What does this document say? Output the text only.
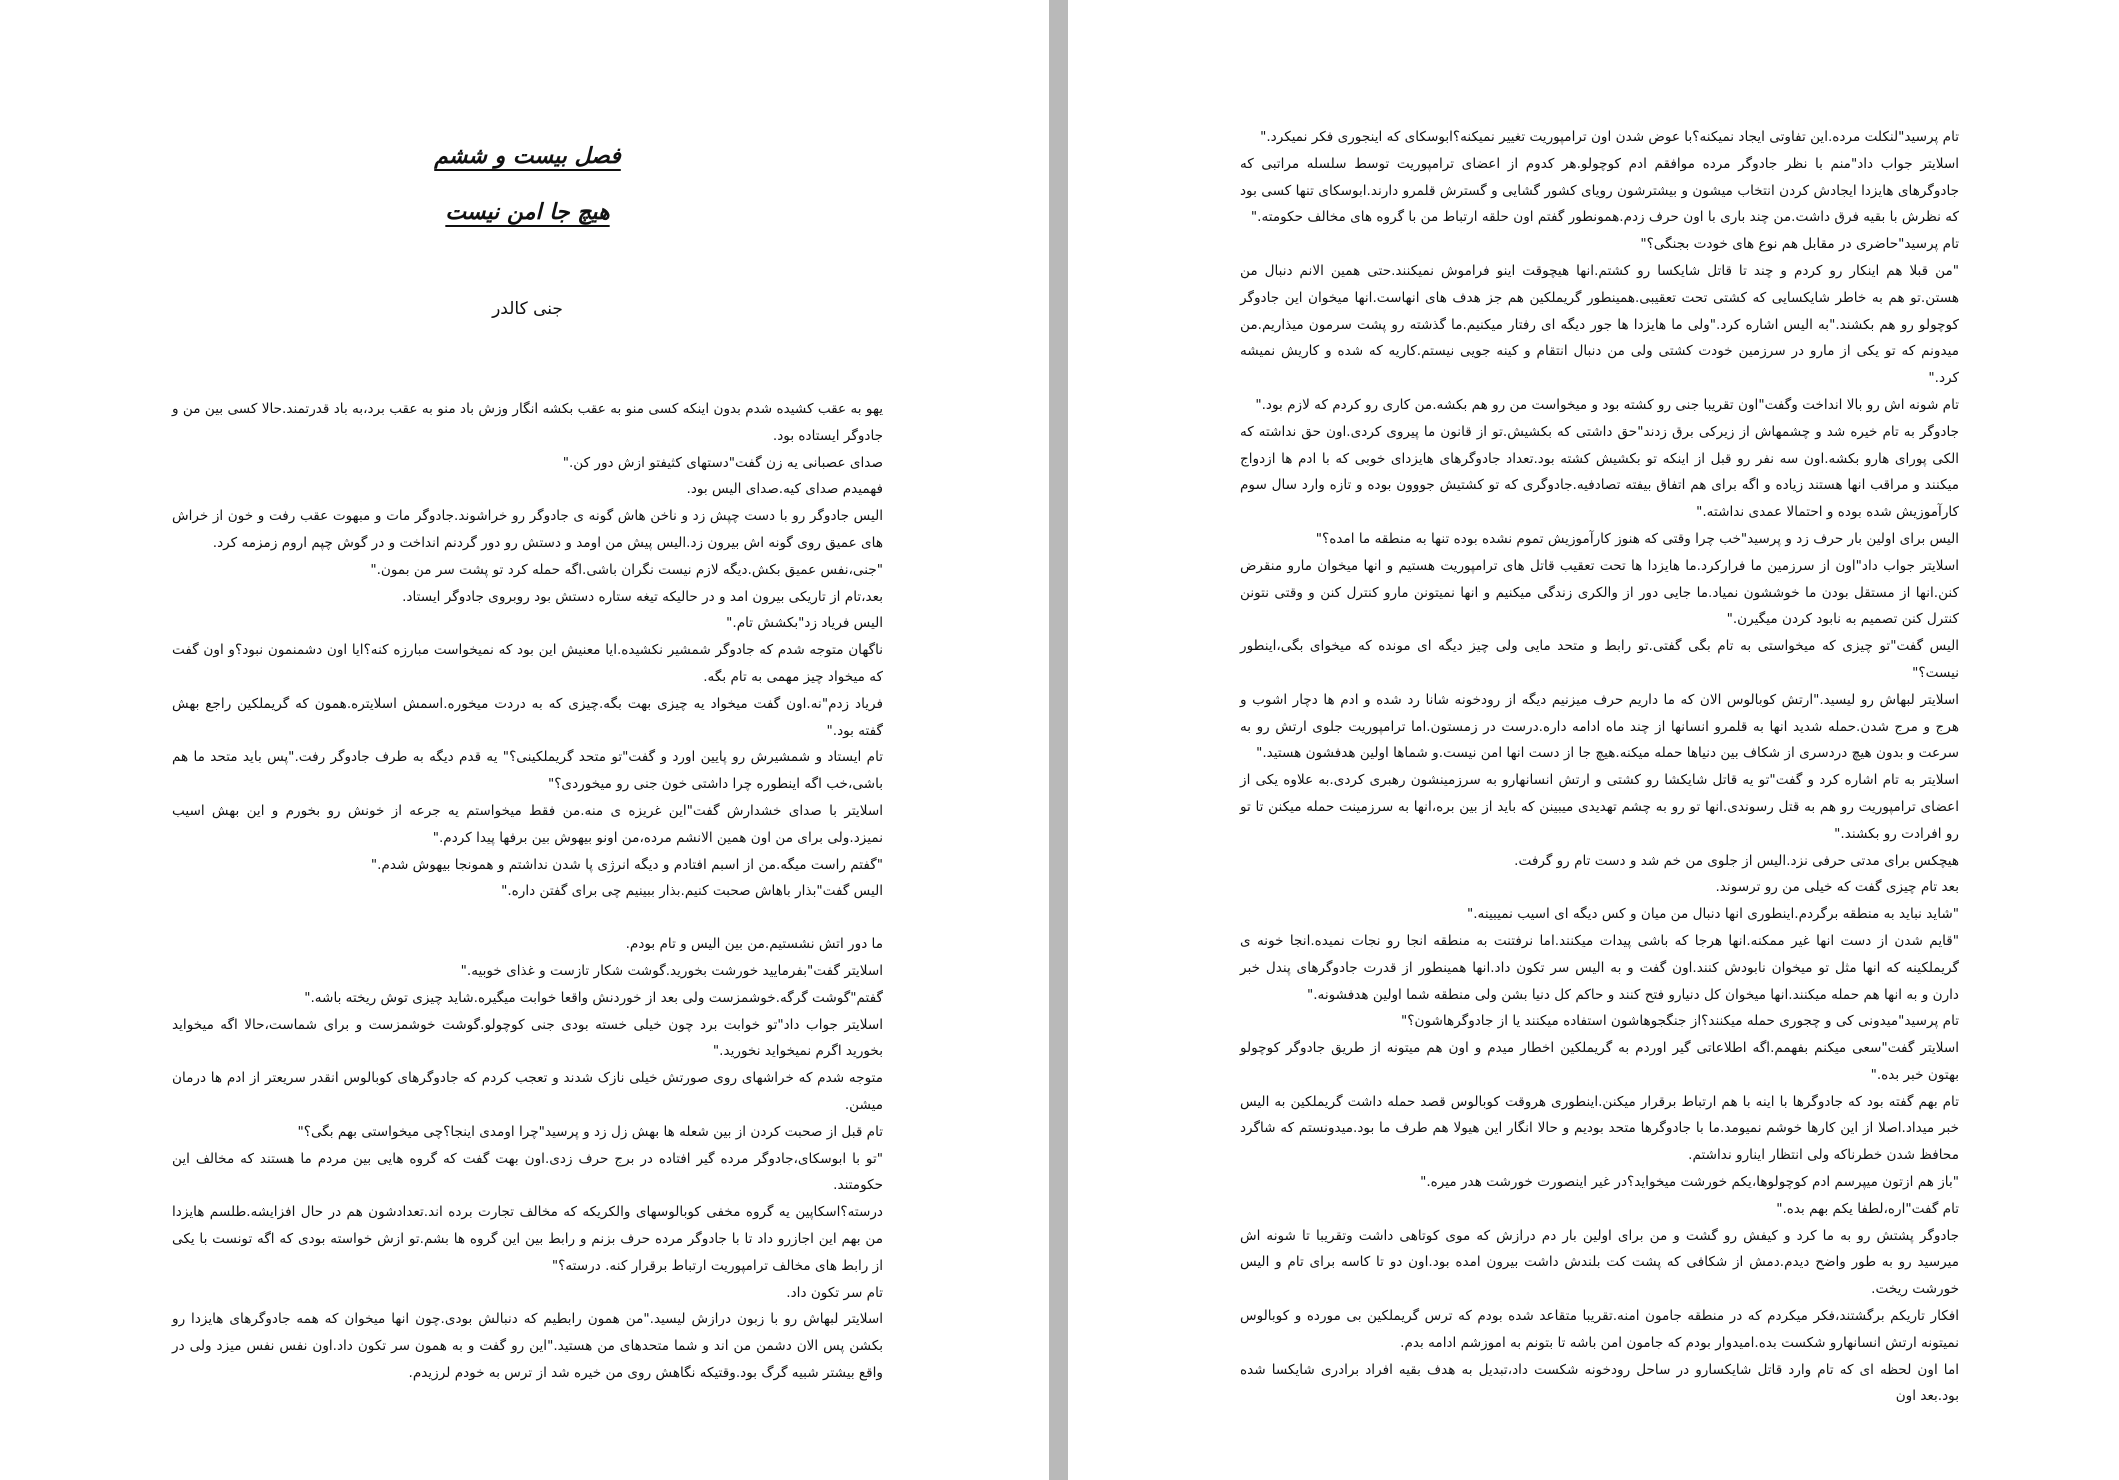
فصل بیست و ششم
هیچ جا امن نیست
جنی کالدر

یهو به عقب کشیده شدم بدون اینکه کسی منو به عقب بکشه انگار وزش باد منو به عقب برد،به باد قدرتمند.حالا کسی بین من و جادوگر ایستاده بود.

صدای عصبانی یه زن گفت"دستهای کثیفتو ازش دور کن."

فهمیدم صدای کیه.صدای الیس بود.

الیس جادوگر رو با دست چپش زد و ناخن هاش گونه ی جادوگر رو خراشوند.جادوگر مات و مبهوت عقب رفت و خون از خراش های عمیق روی گونه اش بیرون زد.الیس پیش من اومد و دستش رو دور گردنم انداخت و در گوش چپم اروم زمزمه کرد.

"جنی،نفس عمیق بکش.دیگه لازم نیست نگران باشی.اگه حمله کرد تو پشت سر من بمون."

بعد،تام از تاریکی بیرون امد و در حالیکه تیغه ستاره دستش بود روبروی جادوگر ایستاد.

الیس فریاد زد"بکشش تام."

ناگهان متوجه شدم که جادوگر شمشیر نکشیده.ایا معنیش این بود که نمیخواست مبارزه کنه؟ایا اون دشمنمون نبود؟و اون گفت که میخواد چیز مهمی به تام بگه.

فریاد زدم"نه.اون گفت میخواد یه چیزی بهت بگه.چیزی که به دردت میخوره.اسمش اسلایتره.همون که گریملکین راجع بهش گفته بود."

تام ایستاد و شمشیرش رو پایین اورد و گفت"تو متحد گریملکینی؟" یه قدم دیگه به طرف جادوگر رفت."پس باید متحد ما هم باشی،خب اگه اینطوره چرا داشتی خون جنی رو میخوردی؟"

اسلایتر با صدای خشدارش گفت"این غریزه ی منه.من فقط میخواستم یه جرعه از خونش رو بخورم و این بهش اسیب نمیزد.ولی برای من اون همین الانشم مرده،من اونو بیهوش بین برفها پیدا کردم."

"گفتم راست میگه.من از اسبم افتادم و دیگه انرژی پا شدن نداشتم و همونجا بیهوش شدم."

الیس گفت"بذار باهاش صحبت کنیم.بذار ببینیم چی برای گفتن داره."

ما دور اتش نشستیم.من بین الیس و تام بودم.

اسلایتر گفت"بفرمایید خورشت بخورید.گوشت شکار تازست و غذای خوبیه."

گفتم"گوشت گرگه.خوشمزست ولی بعد از خوردنش واقعا خوابت میگیره.شاید چیزی توش ریخته باشه."

اسلایتر جواب داد"تو خوابت برد چون خیلی خسته بودی جنی کوچولو.گوشت خوشمزست و برای شماست،حالا اگه میخواید بخورید اگرم نمیخواید نخورید."

متوجه شدم که خراشهای روی صورتش خیلی نازک شدند و تعجب کردم که جادوگرهای کوبالوس انقدر سریعتر از ادم ها درمان میشن.

تام قبل از صحبت کردن از بین شعله ها بهش زل زد و پرسید"چرا اومدی اینجا؟چی میخواستی بهم بگی؟"

"تو با ابوسکای،جادوگر مرده گیر افتاده در برج حرف زدی.اون بهت گفت که گروه هایی بین مردم ما هستند که مخالف این حکومتند.

درسته؟اسکاپین یه گروه مخفی کوبالوسهای والکریکه که مخالف تجارت برده اند.تعدادشون هم در حال افزایشه.طلسم هایزدا من بهم این اجازرو داد تا با جادوگر مرده حرف بزنم و رابط بین این گروه ها بشم.تو ازش خواسته بودی که اگه تونست با یکی از رابط های مخالف ترامپوریت ارتباط برقرار کنه. درسته؟"

تام سر تکون داد.

اسلایتر لبهاش رو با زبون درازش لیسید."من همون رابطیم که دنبالش بودی.چون انها میخوان که همه جادوگرهای هایزدا رو بکشن پس الان دشمن من اند و شما متحدهای من هستید."این رو گفت و به همون سر تکون داد.اون نفس نفس میزد ولی در واقع بیشتر شبیه گرگ بود.وقتیکه نگاهش روی من خیره شد از ترس به خودم لرزیدم.

تام پرسید"لنکلت مرده.این تفاوتی ایجاد نمیکنه؟با عوض شدن اون ترامپوریت تغییر نمیکنه؟ابوسکای که اینجوری فکر نمیکرد."

اسلایتر جواب داد"منم با نظر جادوگر مرده موافقم ادم کوچولو.هر کدوم از اعضای ترامپوریت توسط سلسله مراتبی که جادوگرهای هایزدا ایجادش کردن انتخاب میشون و بیشترشون رویای کشور گشایی و گسترش قلمرو دارند.ابوسکای تنها کسی بود که نظرش با بقیه فرق داشت.من چند باری با اون حرف زدم.همونطور گفتم اون حلقه ارتباط من با گروه های مخالف حکومته."

تام پرسید"حاضری در مقابل هم نوع های خودت بجنگی؟"

"من قبلا هم اینکار رو کردم و چند تا قاتل شایکسا رو کشتم.انها هیچوقت اینو فراموش نمیکنند.حتی همین الانم دنبال من هستن.تو هم به خاطر شایکسایی که کشتی تحت تعقیبی.همینطور گریملکین هم جز هدف های انهاست.انها میخوان این جادوگر کوچولو رو هم بکشند."به الیس اشاره کرد."ولی ما هایزدا ها جور دیگه ای رفتار میکنیم.ما گذشته رو پشت سرمون میذاریم.من میدونم که تو یکی از مارو در سرزمین خودت کشتی ولی من دنبال انتقام و کینه جویی نیستم.کاریه که شده و کاریش نمیشه کرد."

تام شونه اش رو بالا انداخت وگفت"اون تقریبا جنی رو کشته بود و میخواست من رو هم بکشه.من کاری رو کردم که لازم بود."

جادوگر به تام خیره شد و چشمهاش از زیرکی برق زدند"حق داشتی که بکشیش.تو از قانون ما پیروی کردی.اون حق نداشته که الکی پورای هارو بکشه.اون سه نفر رو قبل از اینکه تو بکشیش کشته بود.تعداد جادوگرهای هایزدای خوبی که با ادم ها ازدواج میکنند و مراقب انها هستند زیاده و اگه برای هم اتفاق بیفته تصادفیه.جادوگری که تو کشتیش جووون بوده و تازه وارد سال سوم کارآموزیش شده بوده و احتمالا عمدی نداشته."

الیس برای اولین بار حرف زد و پرسید"خب چرا وقتی که هنوز کارآموزیش تموم نشده بوده تنها به منطقه ما امده؟"

اسلایتر جواب داد"اون از سرزمین ما فرارکرد.ما هایزدا ها تحت تعقیب قاتل های ترامپوریت هستیم و انها میخوان مارو منقرض کنن.انها از مستقل بودن ما خوششون نمیاد.ما جایی دور از والکری زندگی میکنیم و انها نمیتونن مارو کنترل کنن و وقتی نتونن کنترل کنن تصمیم به نابود کردن میگیرن."

الیس گفت"تو چیزی که میخواستی به تام بگی گفتی.تو رابط و متحد مایی ولی چیز دیگه ای مونده که میخوای بگی،اینطور نیست؟"

اسلایتر لبهاش رو لیسید."ارتش کوبالوس الان که ما داریم حرف میزنیم دیگه از رودخونه شانا رد شده و ادم ها دچار اشوب و هرج و مرج شدن.حمله شدید انها به قلمرو انسانها از چند ماه ادامه داره.درست در زمستون.اما ترامپوریت جلوی ارتش رو به سرعت و بدون هیچ دردسری از شکاف بین دنیاها حمله میکنه.هیچ جا از دست انها امن نیست.و شماها اولین هدفشون هستید."

اسلایتر به تام اشاره کرد و گفت"تو یه قاتل شایکشا رو کشتی و ارتش انسانهارو به سرزمینشون رهبری کردی.به علاوه یکی از اعضای ترامپوریت رو هم به قتل رسوندی.انها تو رو به چشم تهدیدی میبینن که باید از بین بره،انها به سرزمینت حمله میکنن تا تو رو افرادت رو بکشند."

هیچکس برای مدتی حرفی نزد.الیس از جلوی من خم شد و دست تام رو گرفت.

بعد تام چیزی گفت که خیلی من رو ترسوند.

"شاید نباید به منطقه برگردم.اینطوری انها دنبال من میان و کس دیگه ای اسیب نمیبینه."

"قایم شدن از دست انها غیر ممکنه.انها هرجا که باشی پیدات میکنند.اما نرفتنت به منطقه انجا رو نجات نمیده.انجا خونه ی گریملکینه که انها مثل تو میخوان نابودش کنند.اون گفت و به الیس سر تکون داد.انها همینطور از قدرت جادوگرهای پندل خبر دارن و به انها هم حمله میکنند.انها میخوان کل دنیارو فتح کنند و حاکم کل دنیا بشن ولی منطقه شما اولین هدفشونه."

تام پرسید"میدونی کی و چجوری حمله میکنند؟از جنگجوهاشون استفاده میکنند یا از جادوگرهاشون؟"

اسلایتر گفت"سعی میکنم بفهمم.اگه اطلاعاتی گیر اوردم به گریملکین اخطار میدم و اون هم میتونه از طریق جادوگر کوچولو بهتون خبر بده."

تام بهم گفته بود که جادوگرها با اینه با هم ارتباط برقرار میکنن.اینطوری هروقت کوبالوس قصد حمله داشت گریملکین به الیس خبر میداد.اصلا از این کارها خوشم نمیومد.ما با جادوگرها متحد بودیم و حالا انگار این هیولا هم طرف ما بود.میدونستم که شاگرد محافظ شدن خطرناکه ولی انتظار اینارو نداشتم.

"باز هم ازتون میپرسم ادم کوچولوها،یکم خورشت میخواید؟در غیر اینصورت خورشت هدر میره."

تام گفت"اره،لطفا یکم بهم بده."

جادوگر پشتش رو به ما کرد و کیفش رو گشت و من برای اولین بار دم درازش که موی کوتاهی داشت وتقریبا تا شونه اش میرسید رو به طور واضح دیدم.دمش از شکافی که پشت کت بلندش داشت بیرون امده بود.اون دو تا کاسه برای تام و الیس خورشت ریخت.

افکار تاریکم برگشتند،فکر میکردم که در منطقه جامون امنه.تقریبا متقاعد شده بودم که ترس گریملکین بی مورده و کوبالوس نمیتونه ارتش انسانهارو شکست بده.امیدوار بودم که جامون امن باشه تا بتونم به اموزشم ادامه بدم.

اما اون لحظه ای که تام وارد قاتل شایکسارو در ساحل رودخونه شکست داد،تبدیل به هدف بقیه افراد برادری شایکسا شده بود.بعد اون
